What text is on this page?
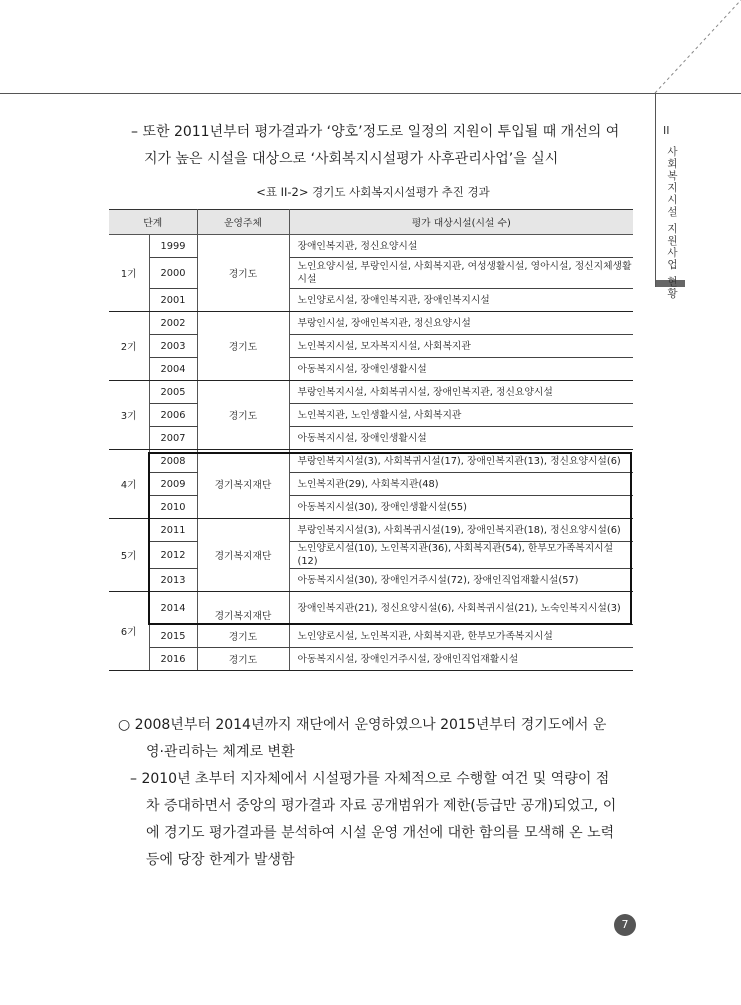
II
사회복지시설 지원사업 현황
– 또한 2011년부터 평가결과가 ‘양호’정도로 일정의 지원이 투입될 때 개선의 여
지가 높은 시설을 대상으로 ‘사회복지시설평가 사후관리사업’을 실시
<표 II-2> 경기도 사회복지시설평가 추진 경과
단계		운영주체	평가 대상시설(시설 수)
1기	1999	경기도	장애인복지관, 정신요양시설
	2000		노인요양시설, 부랑인시설, 사회복지관, 여성생활시설, 영아시설, 정신지체생활시설
	2001		노인양로시설, 장애인복지관, 장애인복지시설
2기	2002	경기도	부랑인시설, 장애인복지관, 정신요양시설
	2003		노인복지시설, 모자복지시설, 사회복지관
	2004		아동복지시설, 장애인생활시설
3기	2005	경기도	부랑인복지시설, 사회복귀시설, 장애인복지관, 정신요양시설
	2006		노인복지관, 노인생활시설, 사회복지관
	2007		아동복지시설, 장애인생활시설
4기	2008	경기복지재단	부랑인복지시설(3), 사회복귀시설(17), 장애인복지관(13), 정신요양시설(6)
	2009		노인복지관(29), 사회복지관(48)
	2010		아동복지시설(30), 장애인생활시설(55)
5기	2011	경기복지재단	부랑인복지시설(3), 사회복귀시설(19), 장애인복지관(18), 정신요양시설(6)
	2012		노인양로시설(10), 노인복지관(36), 사회복지관(54), 한부모가족복지시설(12)
	2013		아동복지시설(30), 장애인거주시설(72), 장애인직업재활시설(57)
6기	2014	경기복지재단	장애인복지관(21), 정신요양시설(6), 사회복귀시설(21), 노숙인복지시설(3)
	2015	경기도	노인양로시설, 노인복지관, 사회복지관, 한부모가족복지시설
	2016	경기도	아동복지시설, 장애인거주시설, 장애인직업재활시설
○ 2008년부터 2014년까지 재단에서 운영하였으나 2015년부터 경기도에서 운
영·관리하는 체계로 변환
– 2010년 초부터 지자체에서 시설평가를 자체적으로 수행할 여건 및 역량이 점
차 증대하면서 중앙의 평가결과 자료 공개범위가 제한(등급만 공개)되었고, 이
에 경기도 평가결과를 분석하여 시설 운영 개선에 대한 함의를 모색해 온 노력
등에 당장 한계가 발생함
7
